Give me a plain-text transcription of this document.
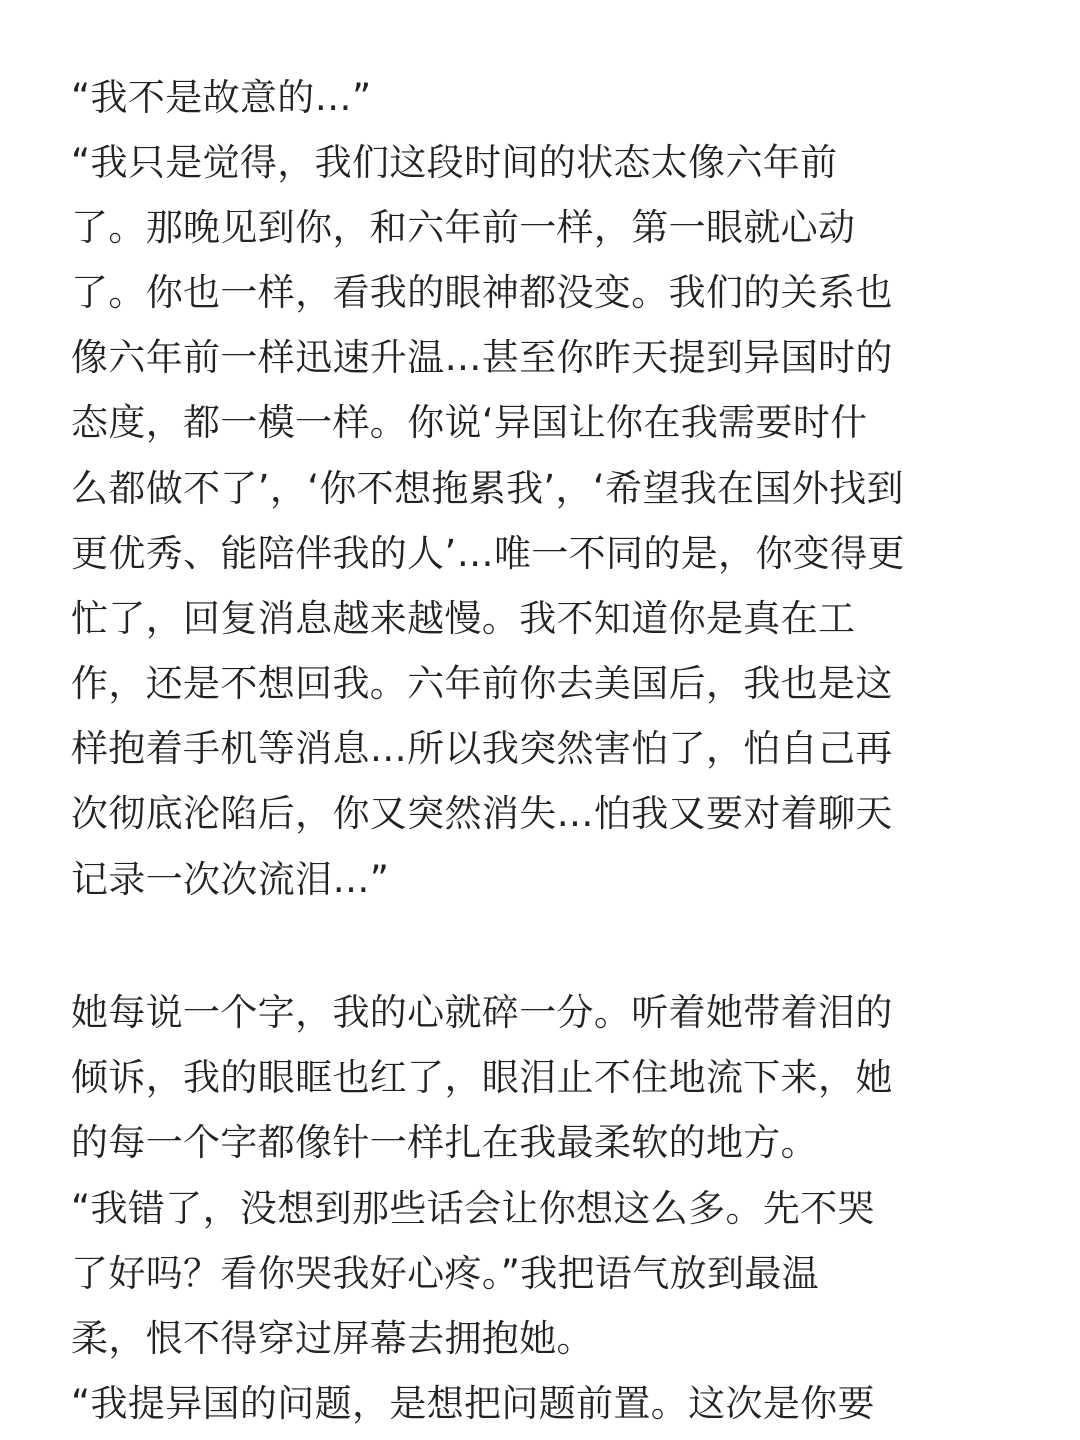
“我不是故意的…”
“我只是觉得，我们这段时间的状态太像六年前
了。那晚见到你，和六年前一样，第一眼就心动
了。你也一样，看我的眼神都没变。我们的关系也
像六年前一样迅速升温…甚至你昨天提到异国时的
态度，都一模一样。你说‘异国让你在我需要时什
么都做不了’，‘你不想拖累我’，‘希望我在国外找到
更优秀、能陪伴我的人’…唯一不同的是，你变得更
忙了，回复消息越来越慢。我不知道你是真在工
作，还是不想回我。六年前你去美国后，我也是这
样抱着手机等消息…所以我突然害怕了，怕自己再
次彻底沦陷后，你又突然消失…怕我又要对着聊天
记录一次次流泪…”
她每说一个字，我的心就碎一分。听着她带着泪的
倾诉，我的眼眶也红了，眼泪止不住地流下来，她
的每一个字都像针一样扎在我最柔软的地方。
“我错了，没想到那些话会让你想这么多。先不哭
了好吗？看你哭我好心疼。”我把语气放到最温
柔，恨不得穿过屏幕去拥抱她。
“我提异国的问题，是想把问题前置。这次是你要
